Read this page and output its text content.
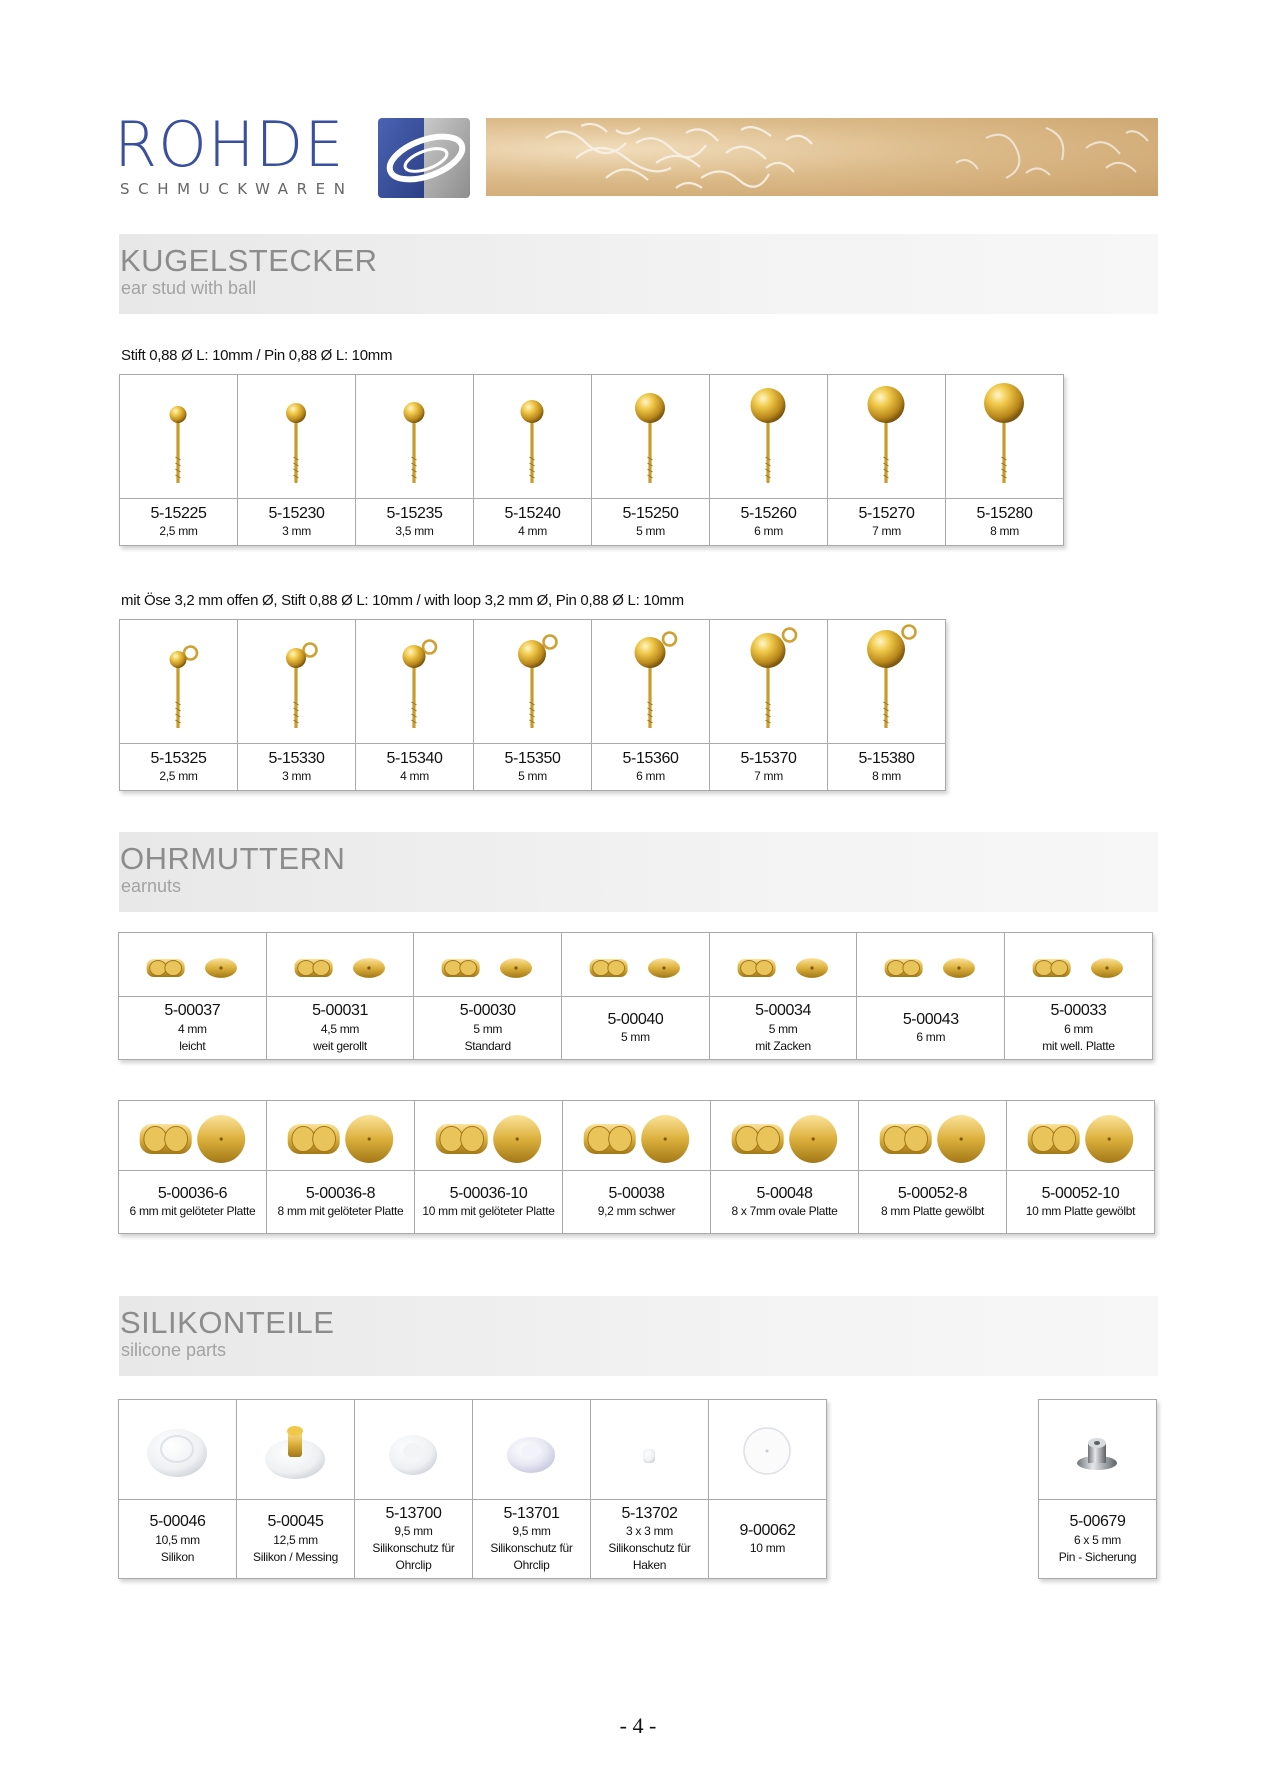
ROHDE
SCHMUCKWAREN
KUGELSTECKER
ear stud with ball
Stift 0,88 Ø L: 10mm / Pin 0,88 Ø L: 10mm
5-15225
2,5 mm
5-15230
3 mm
5-15235
3,5 mm
5-15240
4 mm
5-15250
5 mm
5-15260
6 mm
5-15270
7 mm
5-15280
8 mm
mit Öse 3,2 mm offen Ø, Stift 0,88 Ø L: 10mm / with loop 3,2 mm Ø, Pin 0,88 Ø L: 10mm
5-15325
2,5 mm
5-15330
3 mm
5-15340
4 mm
5-15350
5 mm
5-15360
6 mm
5-15370
7 mm
5-15380
8 mm
OHRMUTTERN
earnuts
5-00037
4 mm
leicht
5-00031
4,5 mm
weit gerollt
5-00030
5 mm
Standard
5-00040
5 mm
5-00034
5 mm
mit Zacken
5-00043
6 mm
5-00033
6 mm
mit well. Platte
5-00036-6
6 mm mit gelöteter Platte
5-00036-8
8 mm mit gelöteter Platte
5-00036-10
10 mm mit gelöteter Platte
5-00038
9,2 mm schwer
5-00048
8 x 7mm ovale Platte
5-00052-8
8 mm Platte gewölbt
5-00052-10
10 mm Platte gewölbt
SILIKONTEILE
silicone parts
5-00046
10,5 mm
Silikon
5-00045
12,5 mm
Silikon / Messing
5-13700
9,5 mm
Silikonschutz für
Ohrclip
5-13701
9,5 mm
Silikonschutz für
Ohrclip
5-13702
3 x 3 mm
Silikonschutz für
Haken
9-00062
10 mm
5-00679
6 x 5 mm
Pin - Sicherung
- 4 -
